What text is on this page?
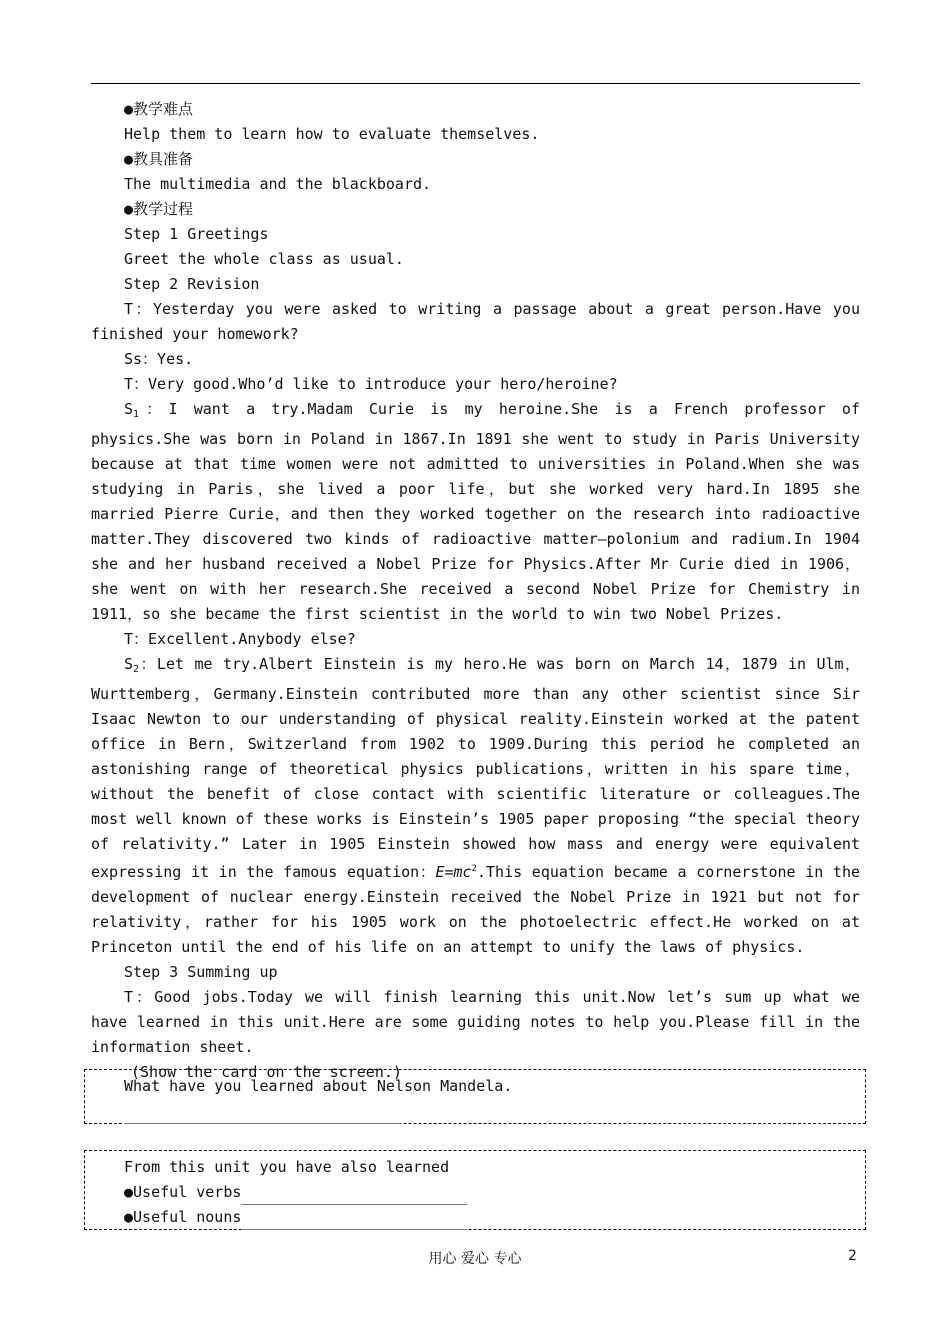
●教学难点

Help them to learn how to evaluate themselves.

●教具准备

The multimedia and the blackboard.

●教学过程

Step 1 Greetings

Greet the whole class as usual.

Step 2 Revision

T：Yesterday you were asked to writing a passage about a great person.Have you finished your homework?

Ss：Yes.

T：Very good.Who’d like to introduce your hero/heroine?

$S_1$：I want a try.Madam Curie is my heroine.She is a French professor of physics.She was born in Poland in 1867.In 1891 she went to study in Paris University because at that time women were not admitted to universities in Poland.When she was studying in Paris，she lived a poor life，but she worked very hard.In 1895 she married Pierre Curie，and then they worked together on the research into radioactive matter.They discovered two kinds of radioactive matter—polonium and radium.In 1904 she and her husband received a Nobel Prize for Physics.After Mr Curie died in 1906，she went on with her research.She received a second Nobel Prize for Chemistry in 1911，so she became the first scientist in the world to win two Nobel Prizes.

T：Excellent.Anybody else?

$S_2$：Let me try.Albert Einstein is my hero.He was born on March 14，1879 in Ulm，Wurttemberg，Germany.Einstein contributed more than any other scientist since Sir Isaac Newton to our understanding of physical reality.Einstein worked at the patent office in Bern，Switzerland from 1902 to 1909.During this period he completed an astonishing range of theoretical physics publications，written in his spare time，without the benefit of close contact with scientific literature or colleagues.The most well known of these works is Einstein’s 1905 paper proposing “the special theory of relativity.” Later in 1905 Einstein showed how mass and energy were equivalent expressing it in the famous equation：$E=mc^2.This$ equation became a cornerstone in the development of nuclear energy.Einstein received the Nobel Prize in 1921 but not for relativity，rather for his 1905 work on the photoelectric effect.He worked on at Princeton until the end of his life on an attempt to unify the laws of physics.

Step 3 Summing up

T：Good jobs.Today we will finish learning this unit.Now let’s sum up what we have learned in this unit.Here are some guiding notes to help you.Please fill in the information sheet.

(Show the card on the screen.)

What have you learned about Nelson Mandela.
From this unit you have also learned
●Useful verbs
●Useful nouns
用心 爱心 专心	2
